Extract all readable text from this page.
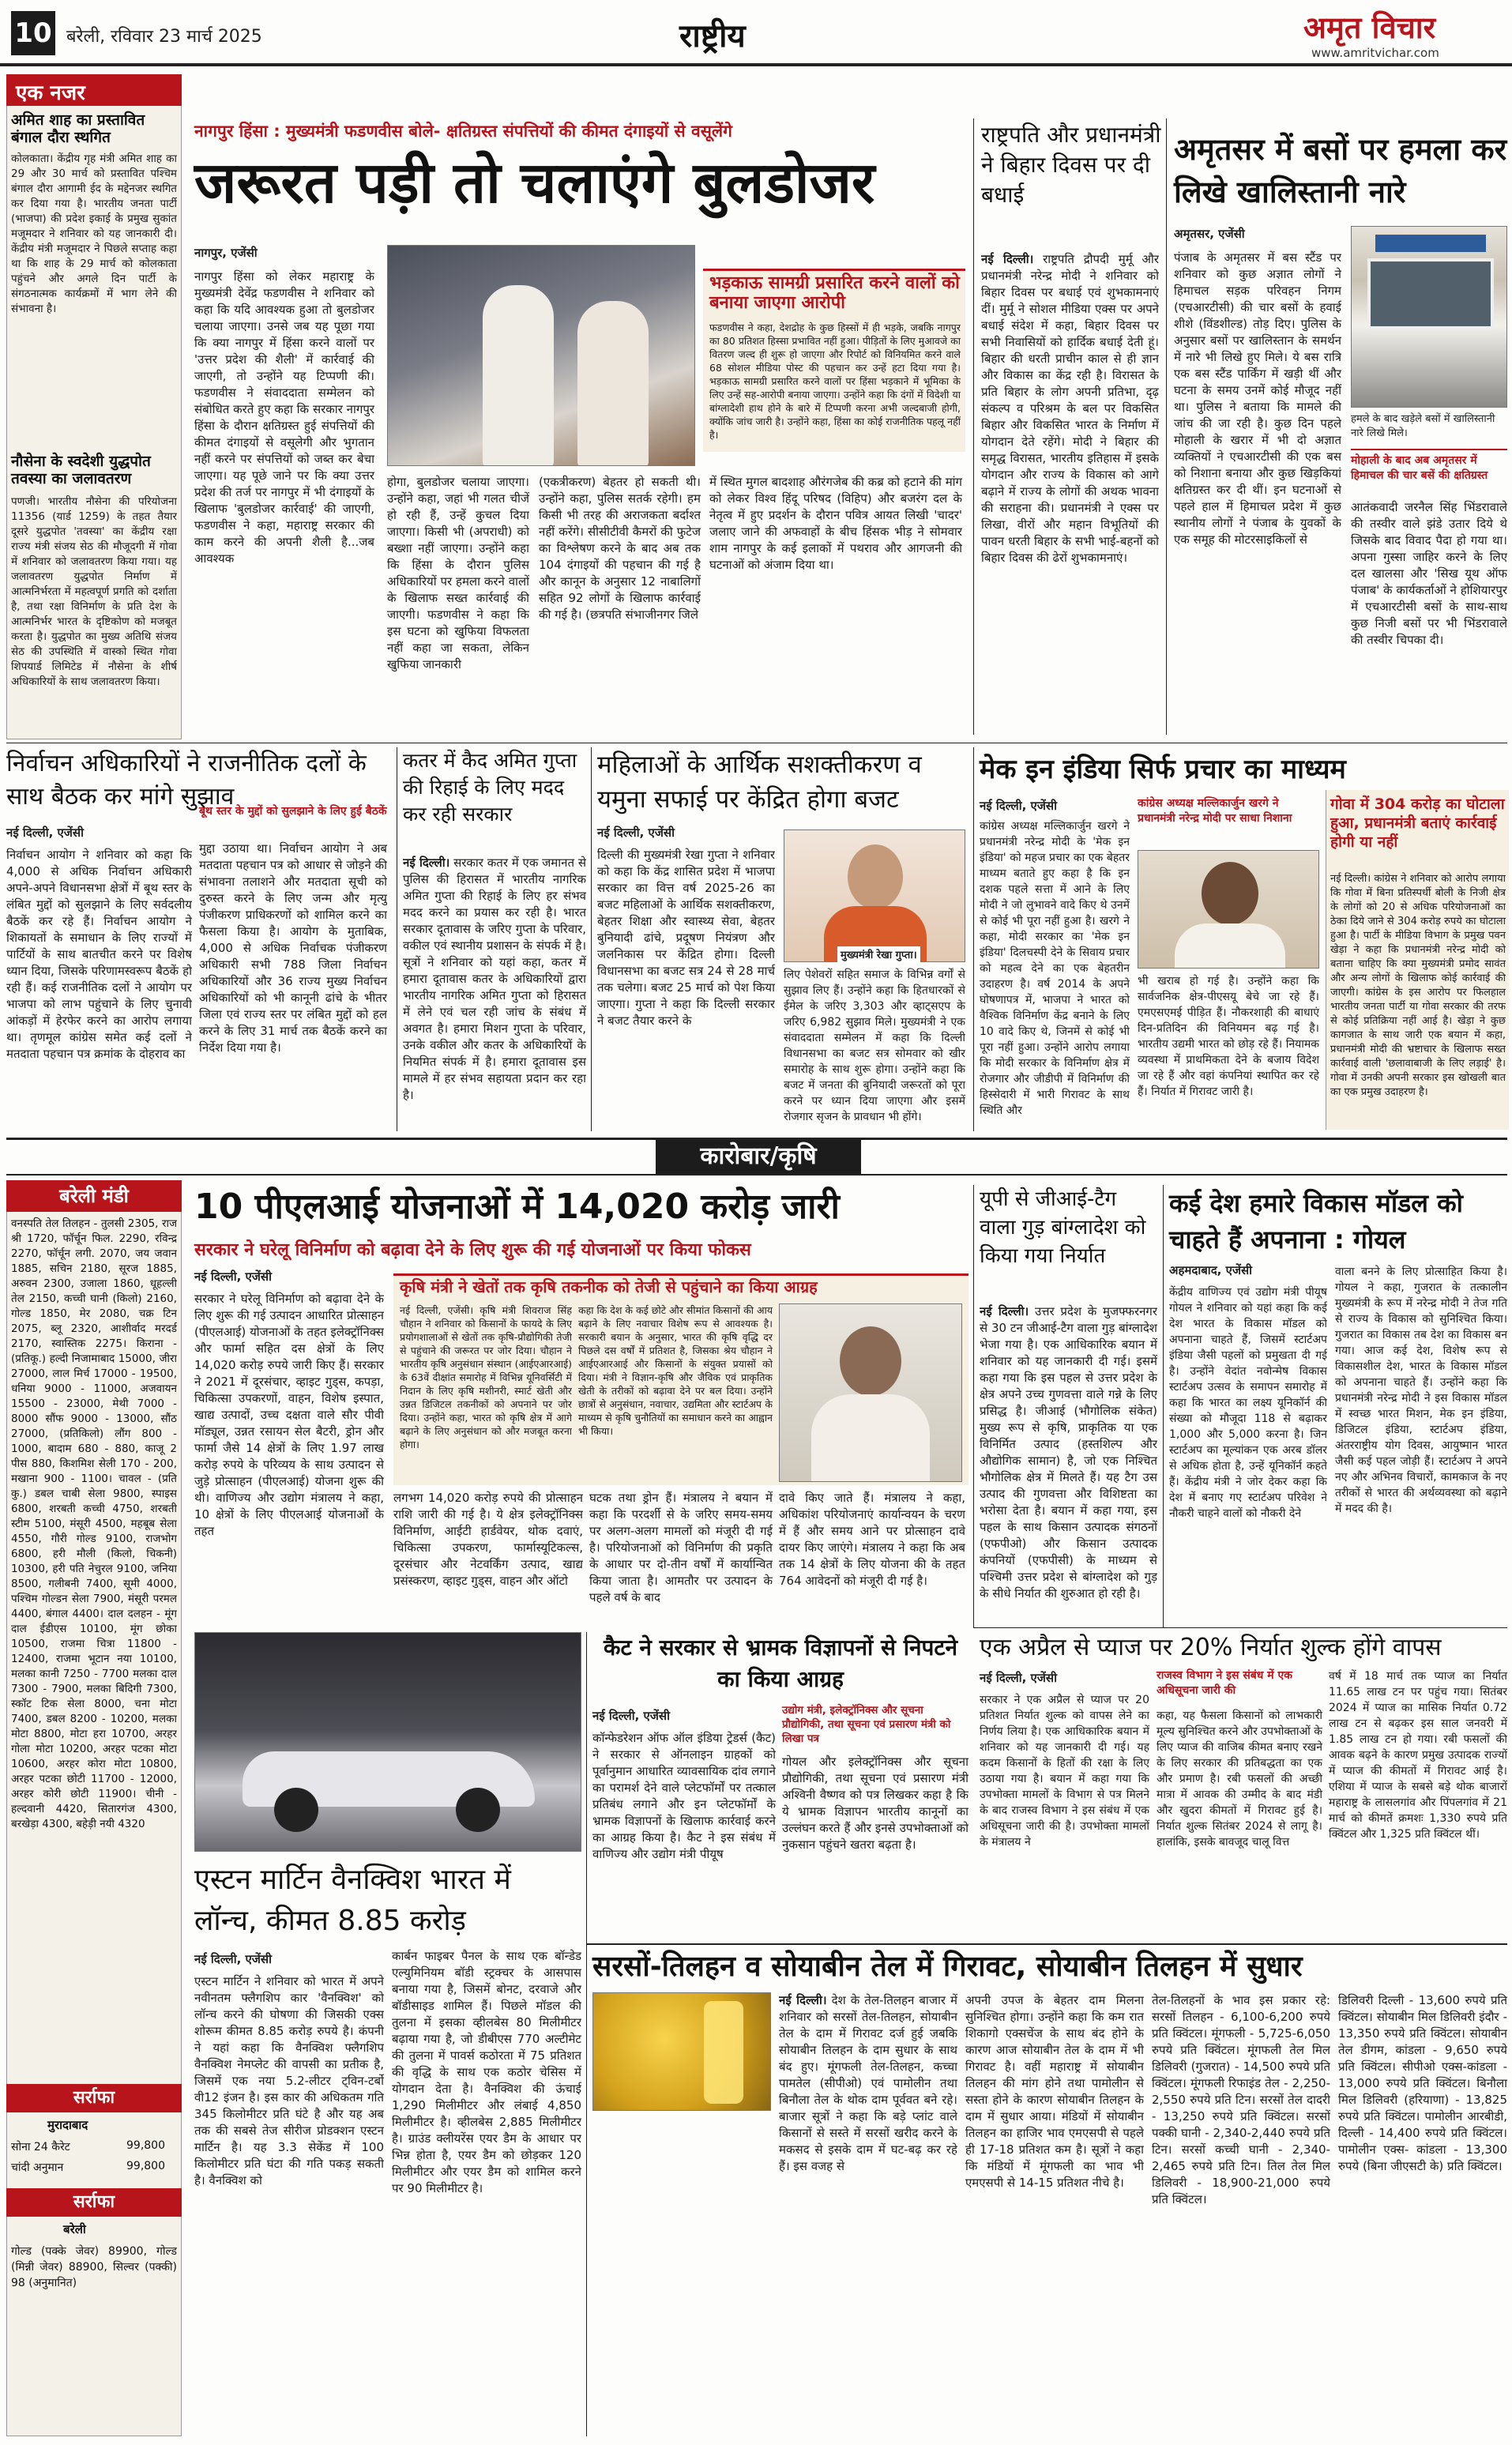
10 बरेली, रविवार 23 मार्च 2025	राष्ट्रीय	अमृत विचार
www.amritvichar.com
एक नजर
अमित शाह का प्रस्तावित बंगाल दौरा स्थगित
कोलकाता। केंद्रीय गृह मंत्री अमित शाह का 29 और 30 मार्च को प्रस्तावित पश्चिम बंगाल दौरा आगामी ईद के मद्देनजर स्थगित कर दिया गया है। भारतीय जनता पार्टी (भाजपा) की प्रदेश इकाई के प्रमुख सुकांत मजूमदार ने शनिवार को यह जानकारी दी। केंद्रीय मंत्री मजूमदार ने पिछले सप्ताह कहा था कि शाह के 29 मार्च को कोलकाता पहुंचने और अगले दिन पार्टी के संगठनात्मक कार्यक्रमों में भाग लेने की संभावना है।
नौसेना के स्वदेशी युद्धपोत तवस्या का जलावतरण
पणजी। भारतीय नौसेना की परियोजना 11356 (यार्ड 1259) के तहत तैयार दूसरे युद्धपोत 'तवस्या' का केंद्रीय रक्षा राज्य मंत्री संजय सेठ की मौजूदगी में गोवा में शनिवार को जलावतरण किया गया। यह जलावतरण युद्धपोत निर्माण में आत्मनिर्भरता में महत्वपूर्ण प्रगति को दर्शाता है, तथा रक्षा विनिर्माण के प्रति देश के आत्मनिर्भर भारत के दृष्टिकोण को मजबूत करता है। युद्धपोत का मुख्य अतिथि संजय सेठ की उपस्थिति में वास्को स्थित गोवा शिपयार्ड लिमिटेड में नौसेना के शीर्ष अधिकारियों के साथ जलावतरण किया।
नागपुर हिंसा : मुख्यमंत्री फडणवीस बोले- क्षतिग्रस्त संपत्तियों की कीमत दंगाइयों से वसूलेंगे
जरूरत पड़ी तो चलाएंगे बुलडोजर
नागपुर, एजेंसी
नागपुर हिंसा को लेकर महाराष्ट्र के मुख्यमंत्री देवेंद्र फडणवीस ने शनिवार को कहा कि यदि आवश्यक हुआ तो बुलडोजर चलाया जाएगा। उनसे जब यह पूछा गया कि क्या नागपुर में हिंसा करने वालों पर 'उत्तर प्रदेश की शैली' में कार्रवाई की जाएगी, तो उन्होंने यह टिप्पणी की। फडणवीस ने संवाददाता सम्मेलन को संबोधित करते हुए कहा कि सरकार नागपुर हिंसा के दौरान क्षतिग्रस्त हुई संपत्तियों की कीमत दंगाइयों से वसूलेगी और भुगतान नहीं करने पर संपत्तियों को जब्त कर बेचा जाएगा। यह पूछे जाने पर कि क्या उत्तर प्रदेश की तर्ज पर नागपुर में भी दंगाइयों के खिलाफ 'बुलडोजर कार्रवाई' की जाएगी, फडणवीस ने कहा, महाराष्ट्र सरकार की काम करने की अपनी शैली है...जब आवश्यक
भड़काऊ सामग्री प्रसारित करने वालों को बनाया जाएगा आरोपी
फडणवीस ने कहा, देशद्रोह के कुछ हिस्सों में ही भड़के, जबकि नागपुर का 80 प्रतिशत हिस्सा प्रभावित नहीं हुआ। पीड़ितों के लिए मुआवजे का वितरण जल्द ही शुरू हो जाएगा और रिपोर्ट को विनियमित करने वाले 68 सोशल मीडिया पोस्ट की पहचान कर उन्हें हटा दिया गया है। भड़काऊ सामग्री प्रसारित करने वालों पर हिंसा भड़काने में भूमिका के लिए उन्हें सह-आरोपी बनाया जाएगा। उन्होंने कहा कि दंगों में विदेशी या बांग्लादेशी हाथ होने के बारे में टिप्पणी करना अभी जल्दबाजी होगी, क्योंकि जांच जारी है। उन्होंने कहा, हिंसा का कोई राजनीतिक पहलू नहीं है।
होगा, बुलडोजर चलाया जाएगा। उन्होंने कहा, जहां भी गलत चीजें हो रही हैं, उन्हें कुचल दिया जाएगा। किसी भी (अपराधी) को बख्शा नहीं जाएगा। उन्होंने कहा कि हिंसा के दौरान पुलिस अधिकारियों पर हमला करने वालों के खिलाफ सख्त कार्रवाई की जाएगी। फडणवीस ने कहा कि इस घटना को खुफिया विफलता नहीं कहा जा सकता, लेकिन खुफिया जानकारी
(एकत्रीकरण) बेहतर हो सकती थी। उन्होंने कहा, पुलिस सतर्क रहेगी। हम किसी भी तरह की अराजकता बर्दाश्त नहीं करेंगे। सीसीटीवी कैमरों की फुटेज का विश्लेषण करने के बाद अब तक 104 दंगाइयों की पहचान की गई है और कानून के अनुसार 12 नाबालिगों सहित 92 लोगों के खिलाफ कार्रवाई की गई है। (छत्रपति संभाजीनगर जिले
में स्थित मुगल बादशाह औरंगजेब की कब्र को हटाने की मांग को लेकर विश्व हिंदू परिषद (विहिप) और बजरंग दल के नेतृत्व में हुए प्रदर्शन के दौरान पवित्र आयत लिखी 'चादर' जलाए जाने की अफवाहों के बीच हिंसक भीड़ ने सोमवार शाम नागपुर के कई इलाकों में पथराव और आगजनी की घटनाओं को अंजाम दिया था।
राष्ट्रपति और प्रधानमंत्री ने बिहार दिवस पर दी बधाई
नई दिल्ली। राष्ट्रपति द्रौपदी मुर्मू और प्रधानमंत्री नरेन्द्र मोदी ने शनिवार को बिहार दिवस पर बधाई एवं शुभकामनाएं दीं। मुर्मू ने सोशल मीडिया एक्स पर अपने बधाई संदेश में कहा, बिहार दिवस पर सभी निवासियों को हार्दिक बधाई देती हूं। बिहार की धरती प्राचीन काल से ही ज्ञान और विकास का केंद्र रही है। विरासत के प्रति बिहार के लोग अपनी प्रतिभा, दृढ़ संकल्प व परिश्रम के बल पर विकसित बिहार और विकसित भारत के निर्माण में योगदान देते रहेंगे। मोदी ने बिहार की समृद्ध विरासत, भारतीय इतिहास में इसके योगदान और राज्य के विकास को आगे बढ़ाने में राज्य के लोगों की अथक भावना की सराहना की। प्रधानमंत्री ने एक्स पर लिखा, वीरों और महान विभूतियों की पावन धरती बिहार के सभी भाई-बहनों को बिहार दिवस की ढेरों शुभकामनाएं।
अमृतसर में बसों पर हमला कर लिखे खालिस्तानी नारे
अमृतसर, एजेंसी
पंजाब के अमृतसर में बस स्टैंड पर शनिवार को कुछ अज्ञात लोगों ने हिमाचल सड़क परिवहन निगम (एचआरटीसी) की चार बसों के हवाई शीशे (विंडशील्ड) तोड़ दिए। पुलिस के अनुसार बसों पर खालिस्तान के समर्थन में नारे भी लिखे हुए मिले। ये बस रात्रि एक बस स्टैंड पार्किंग में खड़ी थीं और घटना के समय उनमें कोई मौजूद नहीं था। पुलिस ने बताया कि मामले की जांच की जा रही है। कुछ दिन पहले मोहाली के खरार में भी दो अज्ञात व्यक्तियों ने एचआरटीसी की एक बस को निशाना बनाया और कुछ खिड़कियां क्षतिग्रस्त कर दी थीं। इन घटनाओं से पहले हाल में हिमाचल प्रदेश में कुछ स्थानीय लोगों ने पंजाब के युवकों के एक समूह की मोटरसाइकिलों से
हमले के बाद खड़ेले बसों में खालिस्तानी नारे लिखे मिले।
मोहाली के बाद अब अमृतसर में हिमाचल की चार बसें की क्षतिग्रस्त
आतंकवादी जरनैल सिंह भिंडरावाले की तस्वीर वाले झंडे उतार दिये थे जिसके बाद विवाद पैदा हो गया था। अपना गुस्सा जाहिर करने के लिए दल खालसा और 'सिख यूथ ऑफ पंजाब' के कार्यकर्ताओं ने होशियारपुर में एचआरटीसी बसों के साथ-साथ कुछ निजी बसों पर भी भिंडरावाले की तस्वीर चिपका दी।
निर्वाचन अधिकारियों ने राजनीतिक दलों के साथ बैठक कर मांगे सुझाव
नई दिल्ली, एजेंसी
निर्वाचन आयोग ने शनिवार को कहा कि 4,000 से अधिक निर्वाचन अधिकारी अपने-अपने विधानसभा क्षेत्रों में बूथ स्तर के लंबित मुद्दों को सुलझाने के लिए सर्वदलीय बैठकें कर रहे हैं। निर्वाचन आयोग ने शिकायतों के समाधान के लिए राज्यों में पार्टियों के साथ बातचीत करने पर विशेष ध्यान दिया, जिसके परिणामस्वरूप बैठकें हो रही हैं। कई राजनीतिक दलों ने आयोग पर भाजपा को लाभ पहुंचाने के लिए चुनावी आंकड़ों में हेरफेर करने का आरोप लगाया था। तृणमूल कांग्रेस समेत कई दलों ने मतदाता पहचान पत्र क्रमांक के दोहराव का
बूथ स्तर के मुद्दों को सुलझाने के लिए हुई बैठकें
मुद्दा उठाया था। निर्वाचन आयोग ने अब मतदाता पहचान पत्र को आधार से जोड़ने की संभावना तलाशने और मतदाता सूची को दुरुस्त करने के लिए जन्म और मृत्यु पंजीकरण प्राधिकरणों को शामिल करने का फैसला किया है। आयोग के मुताबिक, 4,000 से अधिक निर्वाचक पंजीकरण अधिकारी सभी 788 जिला निर्वाचन अधिकारियों और 36 राज्य मुख्य निर्वाचन अधिकारियों को भी कानूनी ढांचे के भीतर जिला एवं राज्य स्तर पर लंबित मुद्दों को हल करने के लिए 31 मार्च तक बैठकें करने का निर्देश दिया गया है।
कतर में कैद अमित गुप्ता की रिहाई के लिए मदद कर रही सरकार
नई दिल्ली। सरकार कतर में एक जमानत से पुलिस की हिरासत में भारतीय नागरिक अमित गुप्ता की रिहाई के लिए हर संभव मदद करने का प्रयास कर रही है। भारत सरकार दूतावास के जरिए गुप्ता के परिवार, वकील एवं स्थानीय प्रशासन के संपर्क में है। सूत्रों ने शनिवार को यहां कहा, कतर में हमारा दूतावास कतर के अधिकारियों द्वारा भारतीय नागरिक अमित गुप्ता को हिरासत में लेने एवं चल रही जांच के संबंध में अवगत है। हमारा मिशन गुप्ता के परिवार, उनके वकील और कतर के अधिकारियों के नियमित संपर्क में है। हमारा दूतावास इस मामले में हर संभव सहायता प्रदान कर रहा है।
महिलाओं के आर्थिक सशक्तीकरण व यमुना सफाई पर केंद्रित होगा बजट
नई दिल्ली, एजेंसी
दिल्ली की मुख्यमंत्री रेखा गुप्ता ने शनिवार को कहा कि केंद्र शासित प्रदेश में भाजपा सरकार का वित्त वर्ष 2025-26 का बजट महिलाओं के आर्थिक सशक्तीकरण, बेहतर शिक्षा और स्वास्थ्य सेवा, बेहतर बुनियादी ढांचे, प्रदूषण नियंत्रण और जलनिकास पर केंद्रित होगा। दिल्ली विधानसभा का बजट सत्र 24 से 28 मार्च तक चलेगा। बजट 25 मार्च को पेश किया जाएगा। गुप्ता ने कहा कि दिल्ली सरकार ने बजट तैयार करने के
मुख्यमंत्री रेखा गुप्ता।
लिए पेशेवरों सहित समाज के विभिन्न वर्गों से सुझाव लिए हैं। उन्होंने कहा कि हितधारकों से ईमेल के जरिए 3,303 और व्हाट्सएप के जरिए 6,982 सुझाव मिले। मुख्यमंत्री ने एक संवाददाता सम्मेलन में कहा कि दिल्ली विधानसभा का बजट सत्र सोमवार को खीर समारोह के साथ शुरू होगा। उन्होंने कहा कि बजट में जनता की बुनियादी जरूरतों को पूरा करने पर ध्यान दिया जाएगा और इसमें रोजगार सृजन के प्रावधान भी होंगे।
मेक इन इंडिया सिर्फ प्रचार का माध्यम
नई दिल्ली, एजेंसी	कांग्रेस अध्यक्ष मल्लिकार्जुन खरगे ने प्रधानमंत्री नरेन्द्र मोदी पर साधा निशाना
कांग्रेस अध्यक्ष मल्लिकार्जुन खरगे ने प्रधानमंत्री नरेन्द्र मोदी के 'मेक इन इंडिया' को महज प्रचार का एक बेहतर माध्यम बताते हुए कहा है कि इन दशक पहले सत्ता में आने के लिए मोदी ने जो लुभावने वादे किए थे उनमें से कोई भी पूरा नहीं हुआ है। खरगे ने कहा, मोदी सरकार का 'मेक इन इंडिया' दिलचस्पी देने के सिवाय प्रचार को महत्व देने का एक बेहतरीन उदाहरण है। वर्ष 2014 के अपने घोषणापत्र में, भाजपा ने भारत को वैश्विक विनिर्माण केंद्र बनाने के लिए 10 वादे किए थे, जिनमें से कोई भी पूरा नहीं हुआ। उन्होंने आरोप लगाया कि मोदी सरकार के विनिर्माण क्षेत्र में रोजगार और जीडीपी में विनिर्माण की हिस्सेदारी में भारी गिरावट के साथ स्थिति और
भी खराब हो गई है। उन्होंने कहा कि सार्वजनिक क्षेत्र-पीएसयू बेचे जा रहे हैं। एमएसएमई पीड़ित हैं। नौकरशाही की बाधाएं दिन-प्रतिदिन की विनियमन बढ़ गई है। भारतीय उद्यमी भारत को छोड़ रहे हैं। नियामक व्यवस्था में प्राथमिकता देने के बजाय विदेश जा रहे हैं और वहां कंपनियां स्थापित कर रहे हैं। निर्यात में गिरावट जारी है।
गोवा में 304 करोड़ का घोटाला हुआ, प्रधानमंत्री बताएं कार्रवाई होगी या नहीं
नई दिल्ली। कांग्रेस ने शनिवार को आरोप लगाया कि गोवा में बिना प्रतिस्पर्धी बोली के निजी क्षेत्र के लोगों को 20 से अधिक परियोजनाओं का ठेका दिये जाने से 304 करोड़ रुपये का घोटाला हुआ है। पार्टी के मीडिया विभाग के प्रमुख पवन खेड़ा ने कहा कि प्रधानमंत्री नरेन्द्र मोदी को बताना चाहिए कि क्या मुख्यमंत्री प्रमोद सावंत और अन्य लोगों के खिलाफ कोई कार्रवाई की जाएगी। कांग्रेस के इस आरोप पर फिलहाल भारतीय जनता पार्टी या गोवा सरकार की तरफ से कोई प्रतिक्रिया नहीं आई है। खेड़ा ने कुछ कागजात के साथ जारी एक बयान में कहा, प्रधानमंत्री मोदी की भ्रष्टाचार के खिलाफ सख्त कार्रवाई वाली 'छलावाबाजी के लिए लड़ाई' है। गोवा में उनकी अपनी सरकार इस खोखली बात का एक प्रमुख उदाहरण है।
कारोबार/कृषि
बरेली मंडी
वनस्पति तेल तिलहन - तुलसी 2305, राज श्री 1720, फॉर्चून फिल. 2290, रविन्द्र 2270, फॉर्चून लगी. 2070, जय जवान 1885, सचिन 2180, सूरज 1885, अरुवन 2300, उजाला 1860, धूहल्ली तेल 2150, कच्ची घानी (किलो) 2160, गोल्ड 1850, मेर 2080, चक्र टिन 2075, ब्लू 2320, आशीर्वाद मरदर्ड 2170, स्वास्तिक 2275। किराना - (प्रतिकू.) हल्दी निजामाबाद 15000, जीरा 27000, लाल मिर्च 17000 - 19500, धनिया 9000 - 11000, अजवायन 15500 - 23000, मेथी 7000 - 8000 सौंफ 9000 - 13000, सौंठ 27000, (प्रतिकिलो) लौंग 800 - 1000, बादाम 680 - 880, काजू 2 पीस 880, किशमिश सेली 170 - 200, मखाना 900 - 1100। चावल - (प्रति कु.) डबल चाबी सेला 9800, स्पाइस 6800, शरबती कच्ची 4750, शरबती स्टीम 5100, मंसूरी 4500, महबूब सेला 4550, गौरी गोल्ड 9100, राजभोग 6800, हरी मौली (किलो, चिकनी) 10300, हरी पति नेचुरल 9100, जनिया 8500, गलीबनी 7400, सूमी 4000, पश्चिम गोल्डन सेला 7900, मंसूरी परमल 4400, बंगाल 4400। दाल दलहन - मूंग दाल ईडीएस 10100, मूंग छोका 10500, राजमा चित्रा 11800 - 12400, राजमा भूटान नया 10100, मलका कानी 7250 - 7700 मलका दाल 7300 - 7900, मलका बिदिगी 7300, स्कॉट टिक सेला 8000, चना मोटा 7400, डबल 8200 - 10200, मलका मोटा 8800, मोटा हरा 10700, अरहर गोला मोटा 10200, अरहर पटका मोटा 10600, अरहर कोरा मोटा 10800, अरहर पटका छोटी 11700 - 12000, अरहर कोरी छोटी 11900। चीनी - हल्दवानी 4420, सितारगंज 4300, बरखेड़ा 4300, बहेड़ी नयी 4320
सर्राफा
मुरादाबाद
सोना 24 कैरेट	99,800
चांदी अनुमान	99,800
सर्राफा
बरेली
गोल्ड (पक्के जेवर) 89900, गोल्ड (मिन्नी जेवर) 88900, सिल्वर (पक्की) 98 (अनुमानित)
10 पीएलआई योजनाओं में 14,020 करोड़ जारी
सरकार ने घरेलू विनिर्माण को बढ़ावा देने के लिए शुरू की गई योजनाओं पर किया फोकस
नई दिल्ली, एजेंसी
सरकार ने घरेलू विनिर्माण को बढ़ावा देने के लिए शुरू की गई उत्पादन आधारित प्रोत्साहन (पीएलआई) योजनाओं के तहत इलेक्ट्रॉनिक्स और फार्मा सहित दस क्षेत्रों के लिए 14,020 करोड़ रुपये जारी किए हैं। सरकार ने 2021 में दूरसंचार, व्हाइट गुड्स, कपड़ा, चिकित्सा उपकरणों, वाहन, विशेष इस्पात, खाद्य उत्पादों, उच्च दक्षता वाले सौर पीवी मॉड्यूल, उन्नत रसायन सेल बैटरी, ड्रोन और फार्मा जैसे 14 क्षेत्रों के लिए 1.97 लाख करोड़ रुपये के परिव्यय के साथ उत्पादन से जुड़े प्रोत्साहन (पीएलआई) योजना शुरू की थी। वाणिज्य और उद्योग मंत्रालय ने कहा, 10 क्षेत्रों के लिए पीएलआई योजनाओं के तहत
कृषि मंत्री ने खेतों तक कृषि तकनीक को तेजी से पहुंचाने का किया आग्रह
नई दिल्ली, एजेंसी। कृषि मंत्री शिवराज सिंह चौहान ने शनिवार को किसानों के फायदे के लिए प्रयोगशालाओं से खेतों तक कृषि-प्रौद्योगिकी तेजी से पहुंचाने की जरूरत पर जोर दिया। चौहान ने भारतीय कृषि अनुसंधान संस्थान (आईएआरआई) के 63वें दीक्षांत समारोह में विभिन्न यूनिवर्सिटी में निदान के लिए कृषि मशीनरी, स्मार्ट खेती और उन्नत डिजिटल तकनीकों को अपनाने पर जोर दिया। उन्होंने कहा, भारत को कृषि क्षेत्र में आगे बढ़ाने के लिए अनुसंधान को और मजबूत करना होगा।
कहा कि देश के कई छोटे और सीमांत किसानों की आय बढ़ाने के लिए नवाचार विशेष रूप से आवश्यक है। सरकारी बयान के अनुसार, भारत की कृषि वृद्धि दर पिछले दस वर्षों में प्रतिशत है, जिसका श्रेय चौहान ने आईएआरआई और किसानों के संयुक्त प्रयासों को दिया। मंत्री ने विज्ञान-कृषि और जैविक एवं प्राकृतिक खेती के तरीकों को बढ़ावा देने पर बल दिया। उन्होंने छात्रों से अनुसंधान, नवाचार, उद्यमिता और स्टार्टअप के माध्यम से कृषि चुनौतियों का समाधान करने का आह्वान भी किया।
लगभग 14,020 करोड़ रुपये की प्रोत्साहन राशि जारी की गई है। ये क्षेत्र इलेक्ट्रॉनिक्स विनिर्माण, आईटी हार्डवेयर, थोक दवाएं, चिकित्सा उपकरण, फार्मास्यूटिकल्स, दूरसंचार और नेटवर्किंग उत्पाद, खाद्य प्रसंस्करण, व्हाइट गुड्स, वाहन और ऑटो
घटक तथा ड्रोन हैं। मंत्रालय ने बयान में कहा कि परदर्शी से के जरिए समय-समय पर अलग-अलग मामलों को मंजूरी दी गई है। परियोजनाओं को विनिर्माण की प्रकृति के आधार पर दो-तीन वर्षों में कार्यान्वित किया जाता है। आमतौर पर उत्पादन के पहले वर्ष के बाद
दावे किए जाते हैं। मंत्रालय ने कहा, अधिकांश परियोजनाएं कार्यान्वयन के चरण में हैं और समय आने पर प्रोत्साहन दावे दायर किए जाएंगे। मंत्रालय ने कहा कि अब तक 14 क्षेत्रों के लिए योजना की के तहत 764 आवेदनों को मंजूरी दी गई है।
एस्टन मार्टिन वैनक्विश भारत में लॉन्च, कीमत 8.85 करोड़
नई दिल्ली, एजेंसी
एस्टन मार्टिन ने शनिवार को भारत में अपने नवीनतम फ्लैगशिप कार 'वैनक्विश' को लॉन्च करने की घोषणा की जिसकी एक्स शोरूम कीमत 8.85 करोड़ रुपये है। कंपनी ने यहां कहा कि वैनक्विश फ्लैगशिप वैनक्विश नेमप्लेट की वापसी का प्रतीक है, जिसमें एक नया 5.2-लीटर ट्विन-टर्बो वी12 इंजन है। इस कार की अधिकतम गति 345 किलोमीटर प्रति घंटे है और यह अब तक की सबसे तेज सीरीज प्रोडक्शन एस्टन मार्टिन है। यह 3.3 सेकेंड में 100 किलोमीटर प्रति घंटा की गति पकड़ सकती है। वैनक्विश को
कार्बन फाइबर पैनल के साथ एक बॉन्डेड एल्युमिनियम बॉडी स्ट्रक्चर के आसपास बनाया गया है, जिसमें बोनट, दरवाजे और बॉडीसाइड शामिल हैं। पिछले मॉडल की तुलना में इसका व्हीलबेस 80 मिलीमीटर बढ़ाया गया है, जो डीबीएस 770 अल्टीमेट की तुलना में पावर्स कठोरता में 75 प्रतिशत की वृद्धि के साथ एक कठोर चेसिस में योगदान देता है। वैनक्विश की ऊंचाई 1,290 मिलीमीटर और लंबाई 4,850 मिलीमीटर है। व्हीलबेस 2,885 मिलीमीटर है। ग्राउंड क्लीयरेंस एयर डैम के आधार पर भिन्न होता है, एयर डैम को छोड़कर 120 मिलीमीटर और एयर डैम को शामिल करने पर 90 मिलीमीटर है।
कैट ने सरकार से भ्रामक विज्ञापनों से निपटने का किया आग्रह
नई दिल्ली, एजेंसी	उद्योग मंत्री, इलेक्ट्रॉनिक्स और सूचना प्रौद्योगिकी, तथा सूचना एवं प्रसारण मंत्री को लिखा पत्र
कॉन्फेडरेशन ऑफ ऑल इंडिया ट्रेडर्स (कैट) ने सरकार से ऑनलाइन ग्राहकों को पूर्वानुमान आधारित व्यावसायिक दांव लगाने का परामर्श देने वाले प्लेटफॉर्मों पर तत्काल प्रतिबंध लगाने और इन प्लेटफॉर्मों के भ्रामक विज्ञापनों के खिलाफ कार्रवाई करने का आग्रह किया है। कैट ने इस संबंध में वाणिज्य और उद्योग मंत्री पीयूष
गोयल और इलेक्ट्रॉनिक्स और सूचना प्रौद्योगिकी, तथा सूचना एवं प्रसारण मंत्री अश्विनी वैष्णव को पत्र लिखकर कहा है कि ये भ्रामक विज्ञापन भारतीय कानूनों का उल्लंघन करते हैं और इनसे उपभोक्ताओं को नुकसान पहुंचने खतरा बढ़ता है।
यूपी से जीआई-टैग वाला गुड़ बांग्लादेश को किया गया निर्यात
नई दिल्ली। उत्तर प्रदेश के मुजफ्फरनगर से 30 टन जीआई-टैग वाला गुड़ बांग्लादेश भेजा गया है। एक आधिकारिक बयान में शनिवार को यह जानकारी दी गई। इसमें कहा गया कि इस पहल से उत्तर प्रदेश के क्षेत्र अपने उच्च गुणवत्ता वाले गन्ने के लिए प्रसिद्ध है। जीआई (भौगोलिक संकेत) मुख्य रूप से कृषि, प्राकृतिक या एक विनिर्मित उत्पाद (हस्तशिल्प और औद्योगिक सामान) है, जो एक निश्चित भौगोलिक क्षेत्र में मिलते हैं। यह टैग उस उत्पाद की गुणवत्ता और विशिष्टता का भरोसा देता है। बयान में कहा गया, इस पहल के साथ किसान उत्पादक संगठनों (एफपीओ) और किसान उत्पादक कंपनियों (एफपीसी) के माध्यम से पश्चिमी उत्तर प्रदेश से बांग्लादेश को गुड़ के सीधे निर्यात की शुरुआत हो रही है।
कई देश हमारे विकास मॉडल को चाहते हैं अपनाना : गोयल
अहमदाबाद, एजेंसी
केंद्रीय वाणिज्य एवं उद्योग मंत्री पीयूष गोयल ने शनिवार को यहां कहा कि कई देश भारत के विकास मॉडल को अपनाना चाहते हैं, जिसमें स्टार्टअप इंडिया जैसी पहलों को प्रमुखता दी गई है। उन्होंने वेदांत नवोन्मेष विकास स्टार्टअप उत्सव के समापन समारोह में कहा कि भारत का लक्ष्य यूनिकॉर्न की संख्या को मौजूदा 118 से बढ़ाकर 1,000 और 5,000 करना है। जिन स्टार्टअप का मूल्यांकन एक अरब डॉलर से अधिक होता है, उन्हें यूनिकॉर्न कहते हैं। केंद्रीय मंत्री ने जोर देकर कहा कि देश में बनाए गए स्टार्टअप परिवेश ने नौकरी चाहने वालों को नौकरी देने
वाला बनने के लिए प्रोत्साहित किया है। गोयल ने कहा, गुजरात के तत्कालीन मुख्यमंत्री के रूप में नरेन्द्र मोदी ने तेज गति से राज्य के विकास को सुनिश्चित किया। गुजरात का विकास तब देश का विकास बन गया। आज कई देश, विशेष रूप से विकासशील देश, भारत के विकास मॉडल को अपनाना चाहते हैं। उन्होंने कहा कि प्रधानमंत्री नरेन्द्र मोदी ने इस विकास मॉडल में स्वच्छ भारत मिशन, मेक इन इंडिया, डिजिटल इंडिया, स्टार्टअप इंडिया, अंतरराष्ट्रीय योग दिवस, आयुष्मान भारत जैसी कई पहल जोड़ी हैं। स्टार्टअप ने अपने नए और अभिनव विचारों, कामकाज के नए तरीकों से भारत की अर्थव्यवस्था को बढ़ाने में मदद की है।
एक अप्रैल से प्याज पर 20% निर्यात शुल्क होंगे वापस
नई दिल्ली, एजेंसी
सरकार ने एक अप्रैल से प्याज पर 20 प्रतिशत निर्यात शुल्क को वापस लेने का निर्णय लिया है। एक आधिकारिक बयान में शनिवार को यह जानकारी दी गई। यह कदम किसानों के हितों की रक्षा के लिए उठाया गया है। बयान में कहा गया कि उपभोक्ता मामलों के विभाग से पत्र मिलने के बाद राजस्व विभाग ने इस संबंध में एक अधिसूचना जारी की है। उपभोक्ता मामलों के मंत्रालय ने
राजस्व विभाग ने इस संबंध में एक अधिसूचना जारी की
कहा, यह फैसला किसानों को लाभकारी मूल्य सुनिश्चित करने और उपभोक्ताओं के लिए प्याज की वाजिब कीमत बनाए रखने के लिए सरकार की प्रतिबद्धता का एक और प्रमाण है। रबी फसलों की अच्छी मात्रा में आवक की उम्मीद के बाद मंडी और खुदरा कीमतों में गिरावट हुई है। निर्यात शुल्क सितंबर 2024 से लागू है। हालांकि, इसके बावजूद चालू वित्त
वर्ष में 18 मार्च तक प्याज का निर्यात 11.65 लाख टन पर पहुंच गया। सितंबर 2024 में प्याज का मासिक निर्यात 0.72 लाख टन से बढ़कर इस साल जनवरी में 1.85 लाख टन हो गया। रबी फसलों की आवक बढ़ने के कारण प्रमुख उत्पादक राज्यों में प्याज की कीमतों में गिरावट आई है। एशिया में प्याज के सबसे बड़े थोक बाजारों महाराष्ट्र के लासलगांव और पिंपलगांव में 21 मार्च को कीमतें क्रमशः 1,330 रुपये प्रति क्विंटल और 1,325 प्रति क्विंटल थीं।
सरसों-तिलहन व सोयाबीन तेल में गिरावट, सोयाबीन तिलहन में सुधार
नई दिल्ली। देश के तेल-तिलहन बाजार में शनिवार को सरसों तेल-तिलहन, सोयाबीन तेल के दाम में गिरावट दर्ज हुई जबकि सोयाबीन तिलहन के दाम सुधार के साथ बंद हुए। मूंगफली तेल-तिलहन, कच्चा पामतेल (सीपीओ) एवं पामोलीन तथा बिनौला तेल के थोक दाम पूर्ववत बने रहे। बाजार सूत्रों ने कहा कि बड़े प्लांट वाले किसानों से सस्ते में सरसों खरीद करने के मकसद से इसके दाम में घट-बढ़ कर रहे हैं। इस वजह से
अपनी उपज के बेहतर दाम मिलना सुनिश्चित होगा। उन्होंने कहा कि कम रात शिकागो एक्सचेंज के साथ बंद होने के कारण आज सोयाबीन तेल के दाम में भी गिरावट है। वहीं महाराष्ट्र में सोयाबीन तिलहन की मांग होने तथा पामोलीन से सस्ता होने के कारण सोयाबीन तिलहन के दाम में सुधार आया। मंडियों में सोयाबीन तिलहन का हाजिर भाव एमएसपी से पहले ही 17-18 प्रतिशत कम है। सूत्रों ने कहा कि मंडियों में मूंगफली का भाव भी एमएसपी से 14-15 प्रतिशत नीचे है।
तेल-तिलहनों के भाव इस प्रकार रहे: सरसों तिलहन - 6,100-6,200 रुपये प्रति क्विंटल। मूंगफली - 5,725-6,050 रुपये प्रति क्विंटल। मूंगफली तेल मिल डिलिवरी (गुजरात) - 14,500 रुपये प्रति क्विंटल। मूंगफली रिफाइंड तेल - 2,250-2,550 रुपये प्रति टिन। सरसों तेल दादरी - 13,250 रुपये प्रति क्विंटल। सरसों पक्की घानी - 2,340-2,440 रुपये प्रति टिन। सरसों कच्ची घानी - 2,340-2,465 रुपये प्रति टिन। तिल तेल मिल डिलिवरी - 18,900-21,000 रुपये प्रति क्विंटल।
डिलिवरी दिल्ली - 13,600 रुपये प्रति क्विंटल। सोयाबीन मिल डिलिवरी इंदौर - 13,350 रुपये प्रति क्विंटल। सोयाबीन तेल डीगम, कांडला - 9,650 रुपये प्रति क्विंटल। सीपीओ एक्स-कांडला - 13,000 रुपये प्रति क्विंटल। बिनौला मिल डिलिवरी (हरियाणा) - 13,825 रुपये प्रति क्विंटल। पामोलीन आरबीडी, दिल्ली - 14,400 रुपये प्रति क्विंटल। पामोलीन एक्स- कांडला - 13,300 रुपये (बिना जीएसटी के) प्रति क्विंटल।
